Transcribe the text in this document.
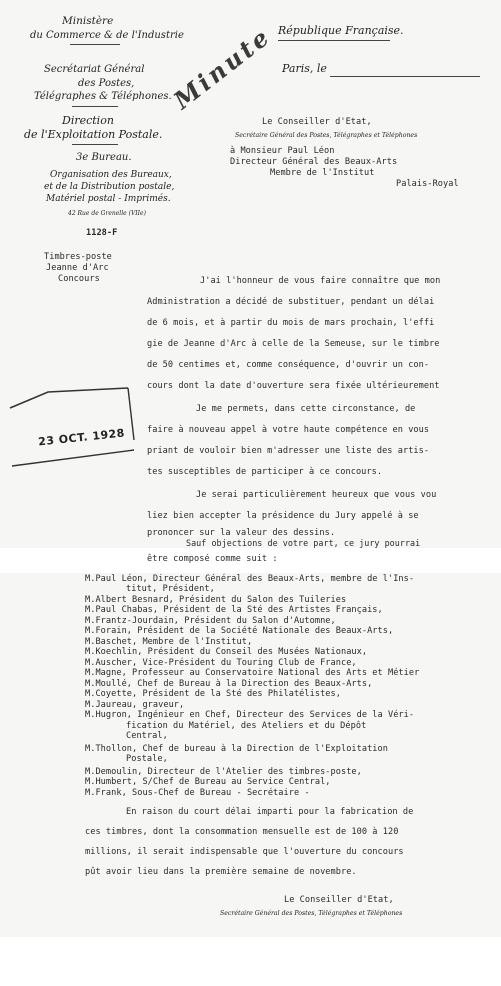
Ministère
du Commerce & de l'Industrie
Secrétariat Général
des Postes,
Télégraphes & Téléphones.
Direction
de l'Exploitation Postale.
3e Bureau.
Organisation des Bureaux,
et de la Distribution postale,
Matériel postal - Imprimés.
42 Rue de Grenelle (VIIe)
1128-F
Timbres-poste
Jeanne d'Arc
Concours
République Française.
Paris, le
Minute
Le Conseiller d'Etat,
Secrétaire Général des Postes, Télégraphes et Téléphones
à Monsieur Paul Léon
Directeur Général des Beaux-Arts
Membre de l'Institut
Palais-Royal
23 OCT. 1928
J'ai l'honneur de vous faire connaître que mon
Administration a décidé de substituer, pendant un délai
de 6 mois, et à partir du mois de mars prochain, l'effi
gie de Jeanne d'Arc à celle de la Semeuse, sur le timbre
de 50 centimes et, comme conséquence, d'ouvrir un con-
cours dont la date d'ouverture sera fixée ultérieurement
Je me permets, dans cette circonstance, de
faire à nouveau appel à votre haute compétence en vous
priant de vouloir bien m'adresser une liste des artis-
tes susceptibles de participer à ce concours.
Je serai particulièrement heureux que vous vou
liez bien accepter la présidence du Jury appelé à se
prononcer sur la valeur des dessins.
Sauf objections de votre part, ce jury pourrai
être composé comme suit :
M.Paul Léon, Directeur Général des Beaux-Arts, membre de l'Ins-
titut, Président,
M.Albert Besnard, Président du Salon des Tuileries
M.Paul Chabas, Président de la Sté des Artistes Français,
M.Frantz-Jourdain, Président du Salon d'Automne,
M.Forain, Président de la Société Nationale des Beaux-Arts,
M.Baschet, Membre de l'Institut,
M.Koechlin, Président du Conseil des Musées Nationaux,
M.Auscher, Vice-Président du Touring Club de France,
M.Magne, Professeur au Conservatoire National des Arts et Métier
M.Moullé, Chef de Bureau à la Direction des Beaux-Arts,
M.Coyette, Président de la Sté des Philatélistes,
M.Jaureau, graveur,
M.Hugron, Ingénieur en Chef, Directeur des Services de la Véri-
fication du Matériel, des Ateliers et du Dépôt
Central,
M.Thollon, Chef de bureau à la Direction de l'Exploitation
Postale,
M.Demoulin, Directeur de l'Atelier des timbres-poste,
M.Humbert, S/Chef de Bureau au Service Central,
M.Frank, Sous-Chef de Bureau - Secrétaire -
En raison du court délai imparti pour la fabrication de
ces timbres, dont la consommation mensuelle est de 100 à 120
millions, il serait indispensable que l'ouverture du concours
pût avoir lieu dans la première semaine de novembre.
Le Conseiller d'Etat,
Secrétaire Général des Postes, Télégraphes et Téléphones
